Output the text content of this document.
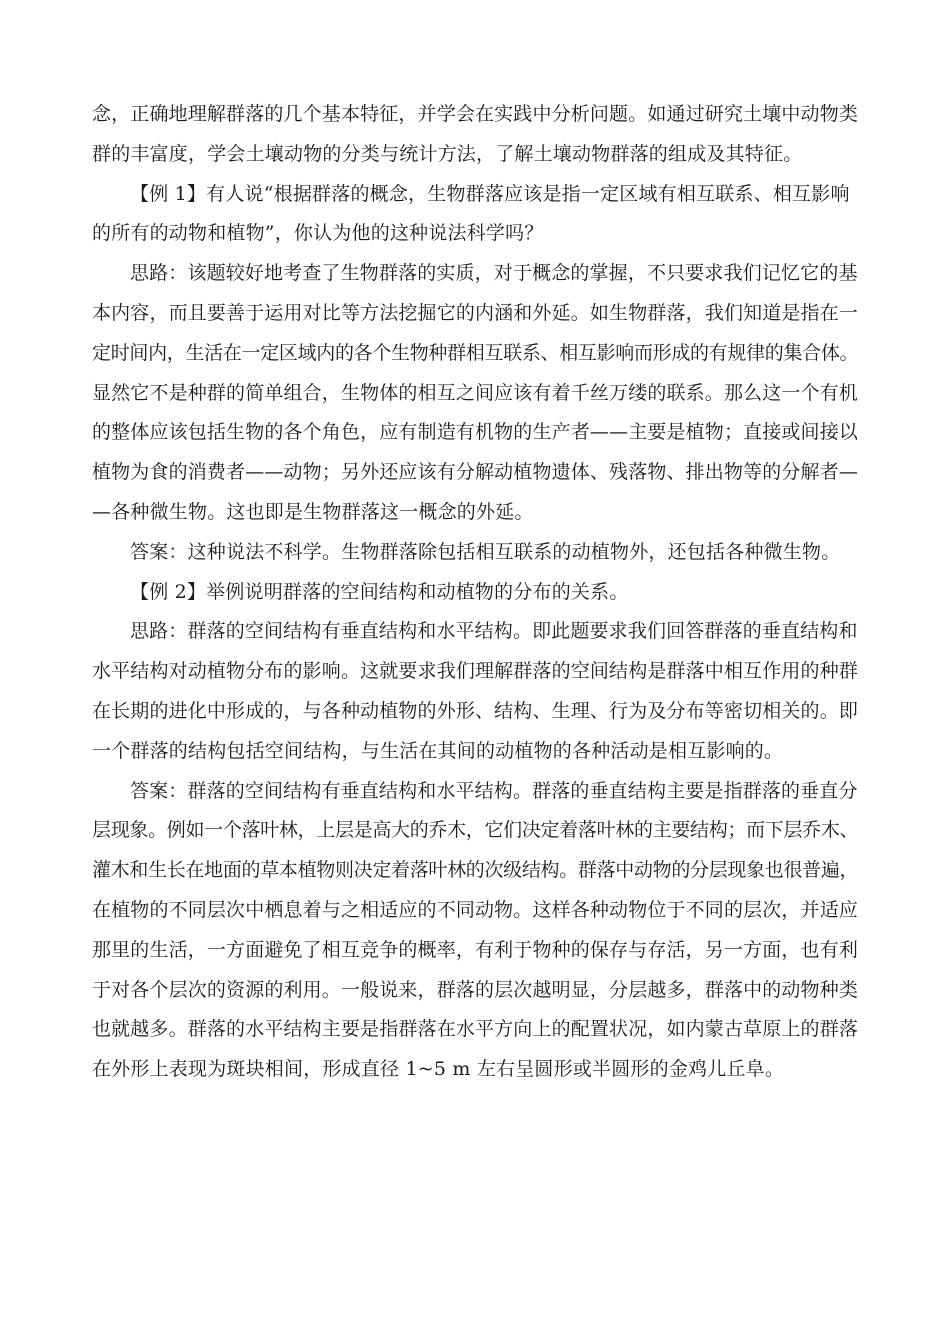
念，正确地理解群落的几个基本特征，并学会在实践中分析问题。如通过研究土壤中动物类
群的丰富度，学会土壤动物的分类与统计方法，了解土壤动物群落的组成及其特征。
【例 1】有人说“根据群落的概念，生物群落应该是指一定区域有相互联系、相互影响
的所有的动物和植物”，你认为他的这种说法科学吗？
思路：该题较好地考查了生物群落的实质，对于概念的掌握，不只要求我们记忆它的基
本内容，而且要善于运用对比等方法挖掘它的内涵和外延。如生物群落，我们知道是指在一
定时间内，生活在一定区域内的各个生物种群相互联系、相互影响而形成的有规律的集合体。
显然它不是种群的简单组合，生物体的相互之间应该有着千丝万缕的联系。那么这一个有机
的整体应该包括生物的各个角色，应有制造有机物的生产者——主要是植物；直接或间接以
植物为食的消费者——动物；另外还应该有分解动植物遗体、残落物、排出物等的分解者—
—各种微生物。这也即是生物群落这一概念的外延。
答案：这种说法不科学。生物群落除包括相互联系的动植物外，还包括各种微生物。
【例 2】举例说明群落的空间结构和动植物的分布的关系。
思路：群落的空间结构有垂直结构和水平结构。即此题要求我们回答群落的垂直结构和
水平结构对动植物分布的影响。这就要求我们理解群落的空间结构是群落中相互作用的种群
在长期的进化中形成的，与各种动植物的外形、结构、生理、行为及分布等密切相关的。即
一个群落的结构包括空间结构，与生活在其间的动植物的各种活动是相互影响的。
答案：群落的空间结构有垂直结构和水平结构。群落的垂直结构主要是指群落的垂直分
层现象。例如一个落叶林，上层是高大的乔木，它们决定着落叶林的主要结构；而下层乔木、
灌木和生长在地面的草本植物则决定着落叶林的次级结构。群落中动物的分层现象也很普遍，
在植物的不同层次中栖息着与之相适应的不同动物。这样各种动物位于不同的层次，并适应
那里的生活，一方面避免了相互竞争的概率，有利于物种的保存与存活，另一方面，也有利
于对各个层次的资源的利用。一般说来，群落的层次越明显，分层越多，群落中的动物种类
也就越多。群落的水平结构主要是指群落在水平方向上的配置状况，如内蒙古草原上的群落
在外形上表现为斑块相间，形成直径 1~5 m 左右呈圆形或半圆形的金鸡儿丘阜。
